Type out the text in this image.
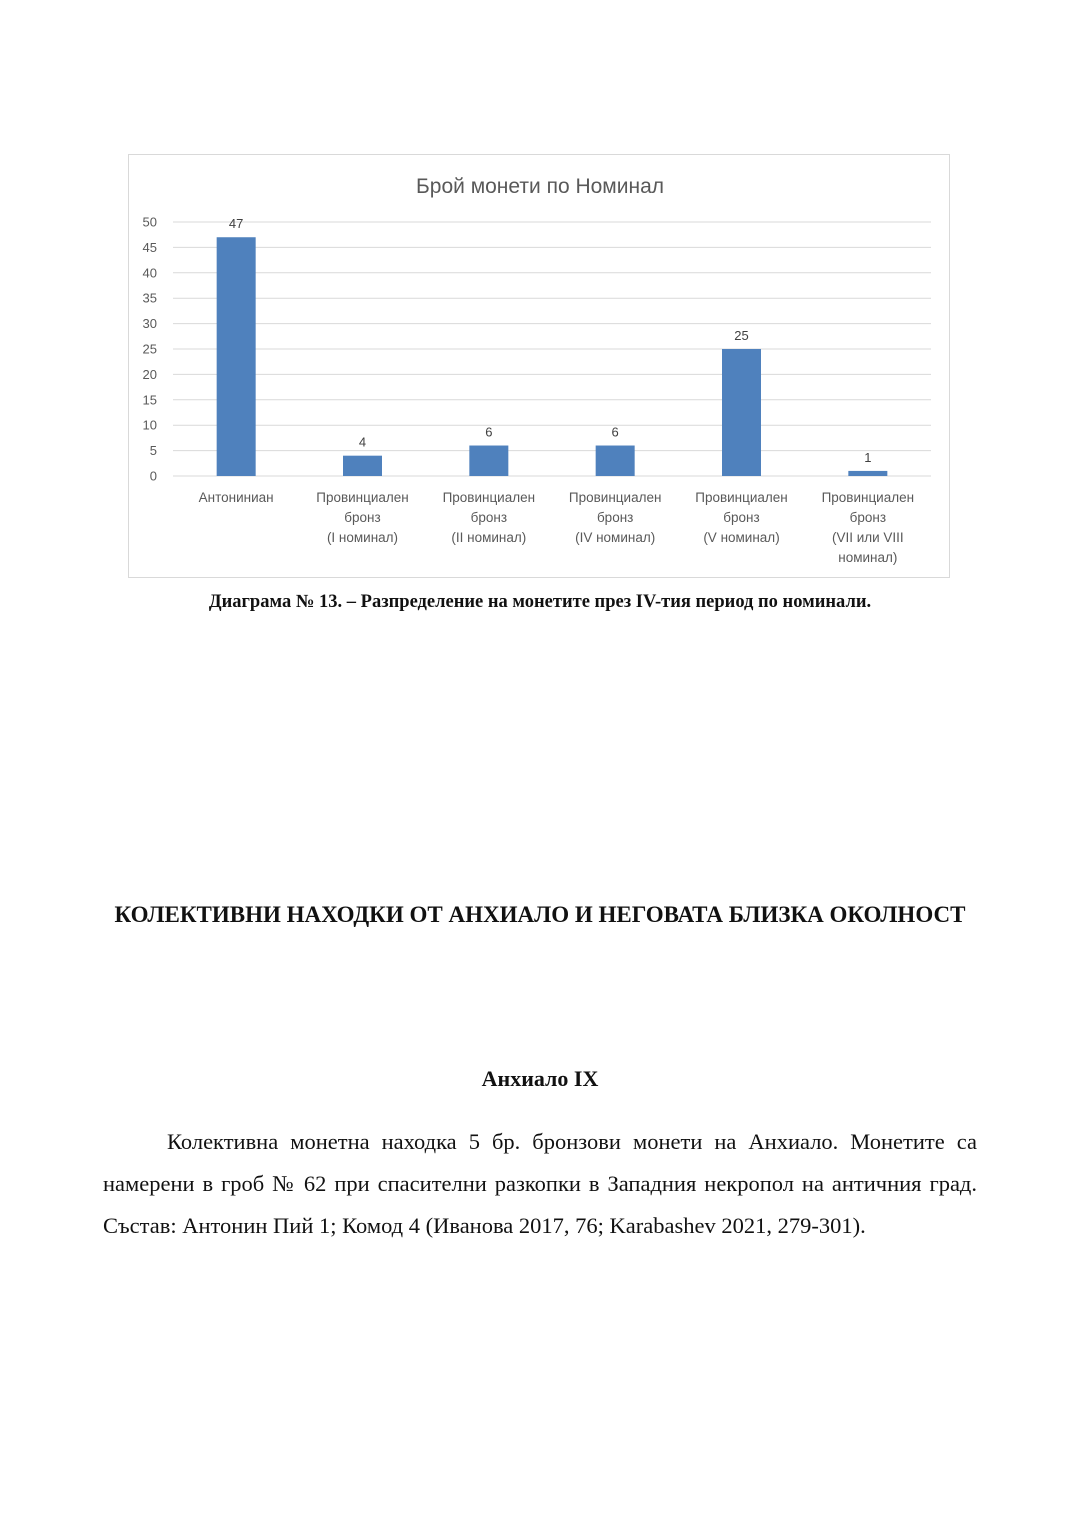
Брой монети по Номинал
0
5
10
15
20
25
30
35
40
45
50	47
Антониниан
4
Провинциален бронз (I номинал)
6
Провинциален бронз (II номинал)
6
Провинциален бронз (IV номинал)
25
Провинциален бронз (V номинал)
1
Провинциален бронз (VII или VIII номинал)
Диаграма № 13. – Разпределение на монетите през IV-тия период по номинали.
КОЛЕКТИВНИ НАХОДКИ ОТ АНХИАЛО И НЕГОВАТА БЛИЗКА ОКОЛНОСТ
Анхиало IX

Колективна монетна находка 5 бр. бронзови монети на Анхиало. Монетите са намерени в гроб № 62 при спасителни разкопки в Западния некропол на античния град. Състав: Антонин Пий 1; Комод 4 (Иванова 2017, 76; Karabashev 2021, 279-301).
